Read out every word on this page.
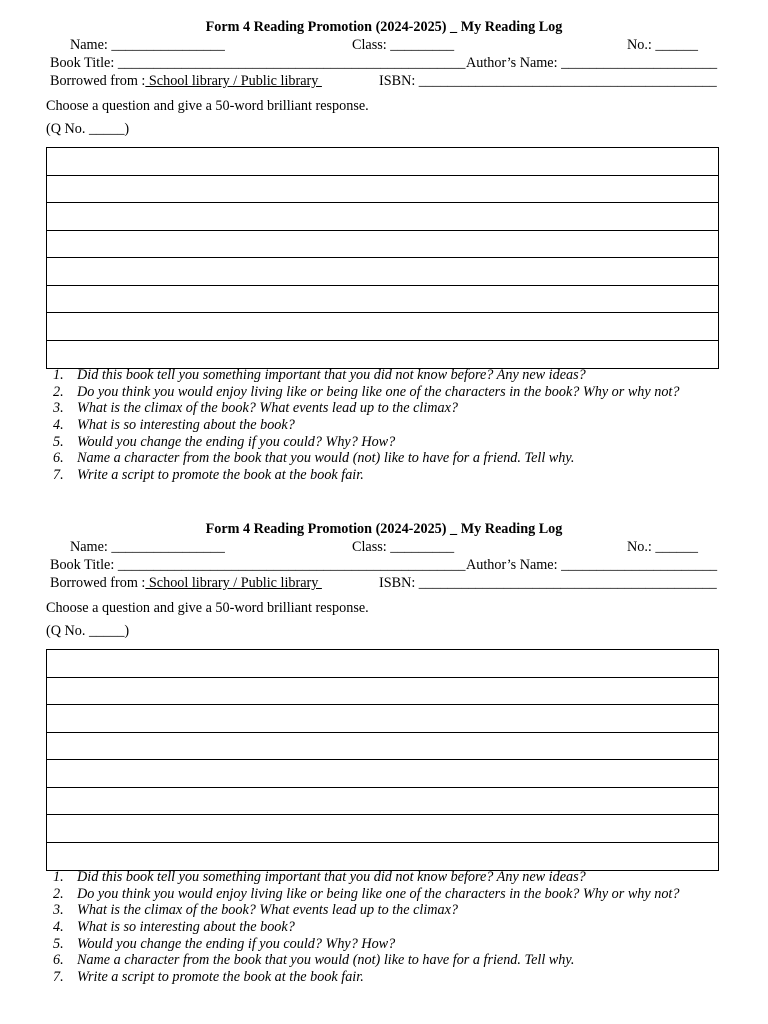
Form 4 Reading Promotion (2024-2025) _ My Reading Log
Name: ________________	Class: _________	No.: ______
Book Title: _________________________________________________ Author’s Name: ______________________
Borrowed from : School library / Public library	ISBN: __________________________________________
Choose a question and give a 50-word brilliant response.
(Q No. _____)
1. Did this book tell you something important that you did not know before? Any new ideas?
2. Do you think you would enjoy living like or being like one of the characters in the book? Why or why not?
3. What is the climax of the book? What events lead up to the climax?
4. What is so interesting about the book?
5. Would you change the ending if you could? Why? How?
6. Name a character from the book that you would (not) like to have for a friend. Tell why.
7. Write a script to promote the book at the book fair.
Form 4 Reading Promotion (2024-2025) _ My Reading Log
Name: ________________	Class: _________	No.: ______
Book Title: _________________________________________________ Author’s Name: ______________________
Borrowed from : School library / Public library	ISBN: __________________________________________
Choose a question and give a 50-word brilliant response.
(Q No. _____)
1. Did this book tell you something important that you did not know before? Any new ideas?
2. Do you think you would enjoy living like or being like one of the characters in the book? Why or why not?
3. What is the climax of the book? What events lead up to the climax?
4. What is so interesting about the book?
5. Would you change the ending if you could? Why? How?
6. Name a character from the book that you would (not) like to have for a friend. Tell why.
7. Write a script to promote the book at the book fair.
